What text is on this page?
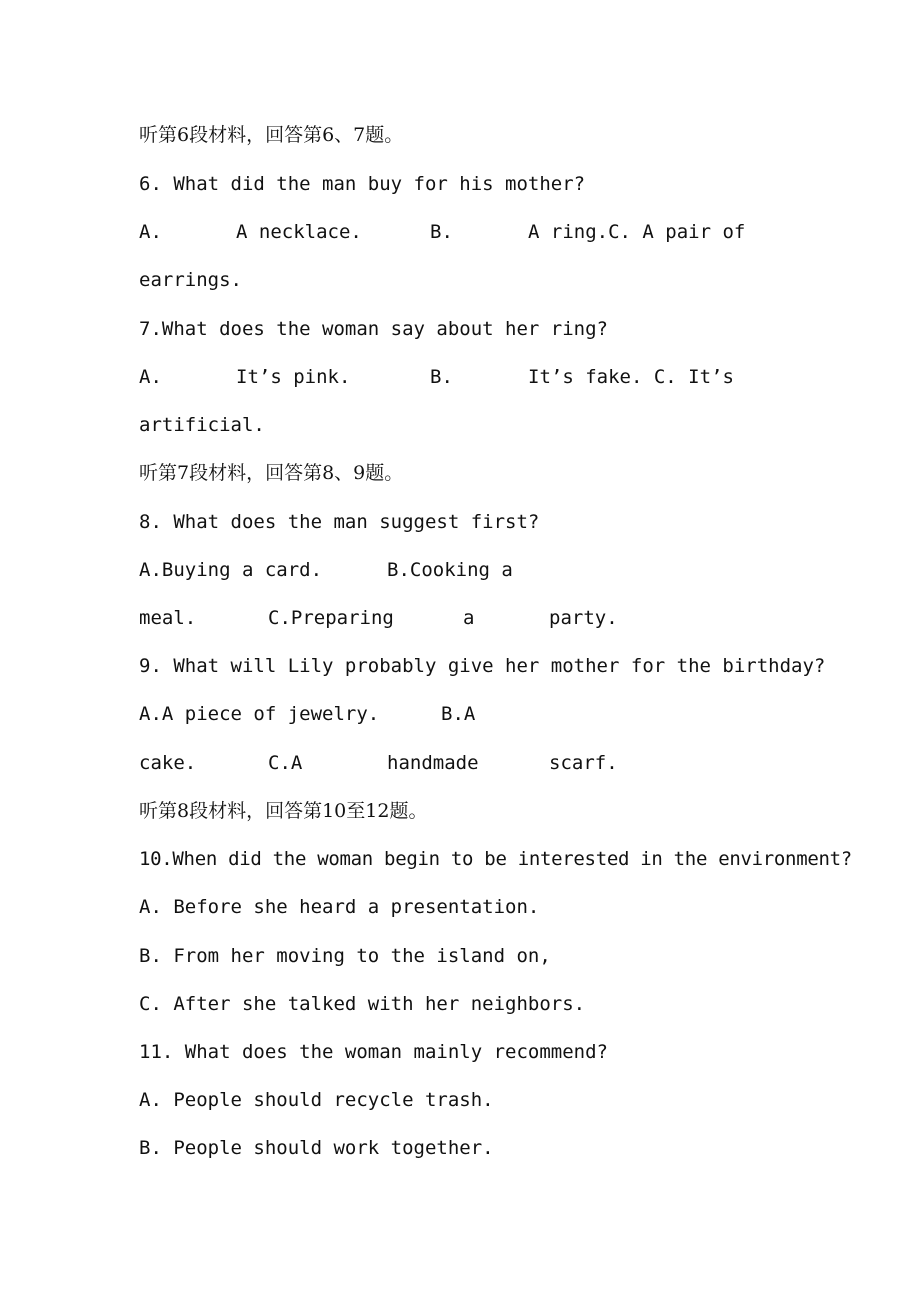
听第6段材料，回答第6、7题。
6. What did the man buy for his mother?
A.	A necklace.	B.	A ring.C. A pair of
earrings.
7.What does the woman say about her ring?
A.	It’s pink.	B.	It’s fake. C. It’s
artificial.
听第7段材料，回答第8、9题。
8. What does the man suggest first?
A.Buying a card.	B.Cooking a
meal.	C.Preparing	a	party.
9. What will Lily probably give her mother for the birthday?
A.A piece of jewelry.	B.A
cake.	C.A	handmade	scarf.
听第8段材料，回答第10至12题。
10.When did the woman begin to be interested in the environment?
A. Before she heard a presentation.
B. From her moving to the island on,
C. After she talked with her neighbors.
11. What does the woman mainly recommend?
A. People should recycle trash.
B. People should work together.
